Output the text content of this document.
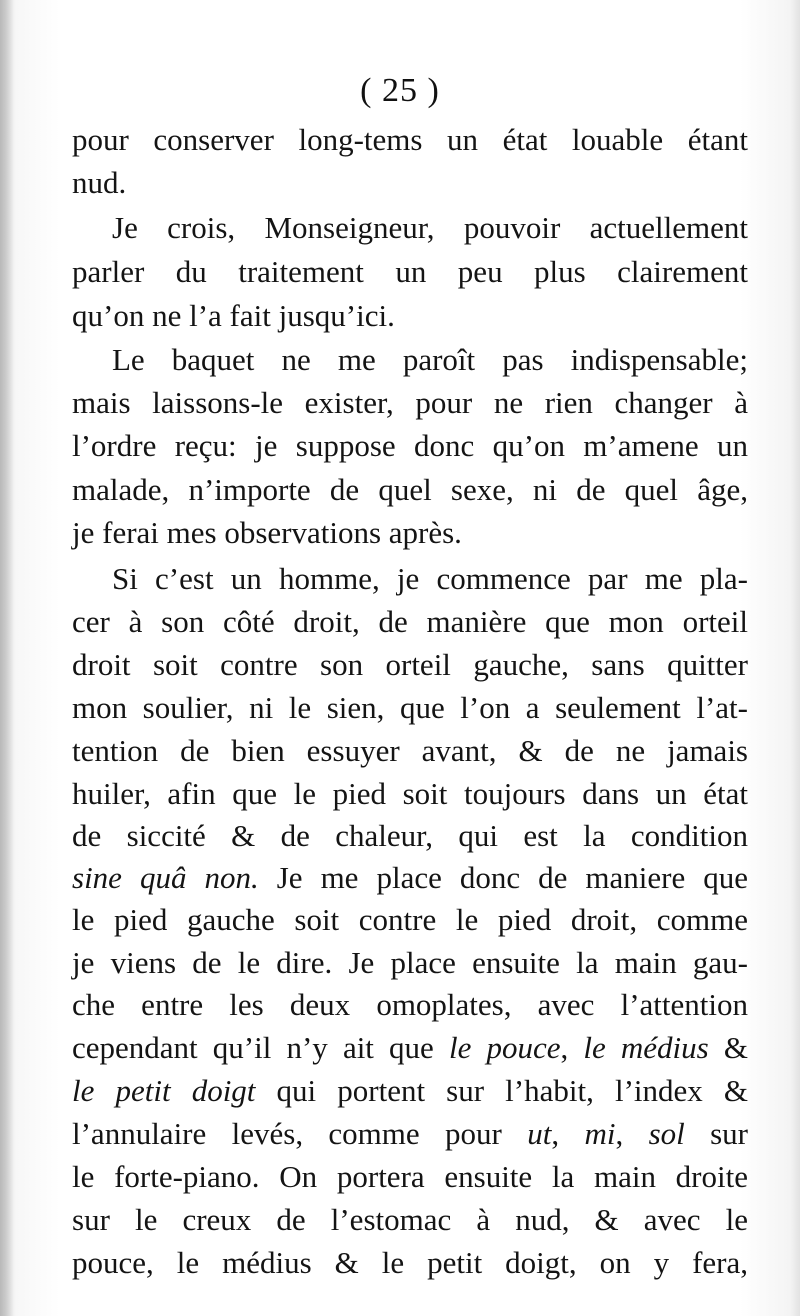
( 25 )
pour conserver long-tems un état louable étant
nud.
Je crois, Monseigneur, pouvoir actuellement
parler du traitement un peu plus clairement
qu’on ne l’a fait jusqu’ici.
Le baquet ne me paroît pas indispensable;
mais laissons-le exister, pour ne rien changer à
l’ordre reçu: je suppose donc qu’on m’amene un
malade, n’importe de quel sexe, ni de quel âge,
je ferai mes observations après.
Si c’est un homme, je commence par me pla-
cer à son côté droit, de manière que mon orteil
droit soit contre son orteil gauche, sans quitter
mon soulier, ni le sien, que l’on a seulement l’at-
tention de bien essuyer avant, & de ne jamais
huiler, afin que le pied soit toujours dans un état
de siccité & de chaleur, qui est la condition
sine quâ non. Je me place donc de maniere que
le pied gauche soit contre le pied droit, comme
je viens de le dire. Je place ensuite la main gau-
che entre les deux omoplates, avec l’attention
cependant qu’il n’y ait que le pouce, le médius &
le petit doigt qui portent sur l’habit, l’index &
l’annulaire levés, comme pour ut, mi, sol sur
le forte-piano. On portera ensuite la main droite
sur le creux de l’estomac à nud, & avec le
pouce, le médius & le petit doigt, on y fera,
